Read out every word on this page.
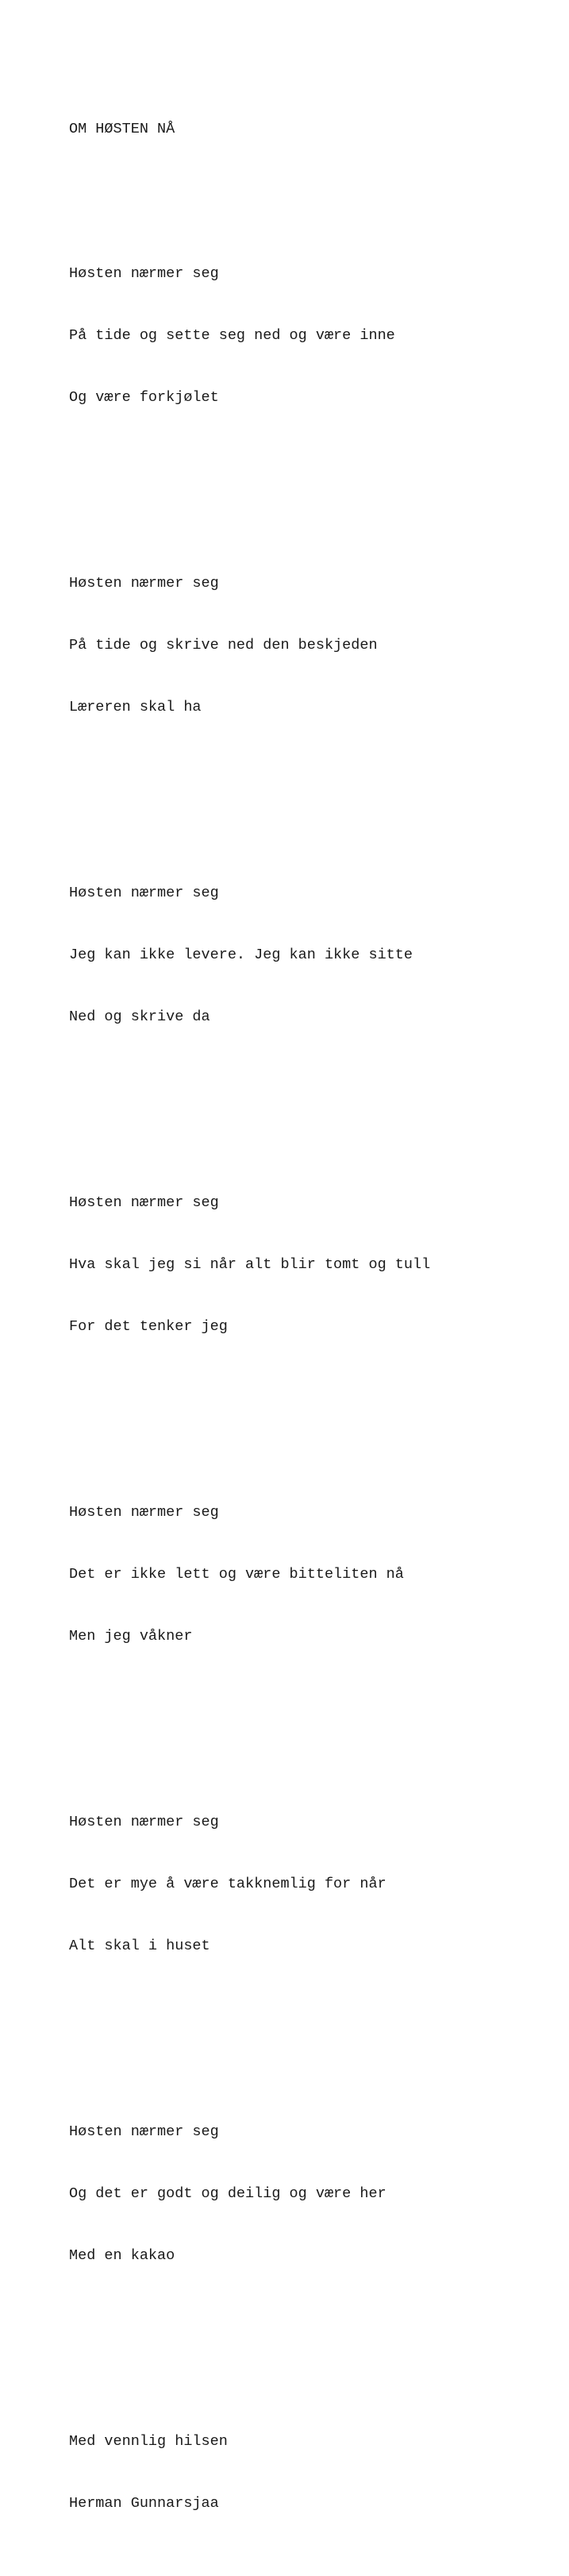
OM HØSTEN NÅ

Høsten nærmer seg

På tide og sette seg ned og være inne

Og være forkjølet

Høsten nærmer seg

På tide og skrive ned den beskjeden

Læreren skal ha

Høsten nærmer seg

Jeg kan ikke levere. Jeg kan ikke sitte

Ned og skrive da

Høsten nærmer seg

Hva skal jeg si når alt blir tomt og tull

For det tenker jeg

Høsten nærmer seg

Det er ikke lett og være bitteliten nå

Men jeg våkner

Høsten nærmer seg

Det er mye å være takknemlig for når

Alt skal i huset

Høsten nærmer seg

Og det er godt og deilig og være her

Med en kakao

Med vennlig hilsen

Herman Gunnarsjaa
